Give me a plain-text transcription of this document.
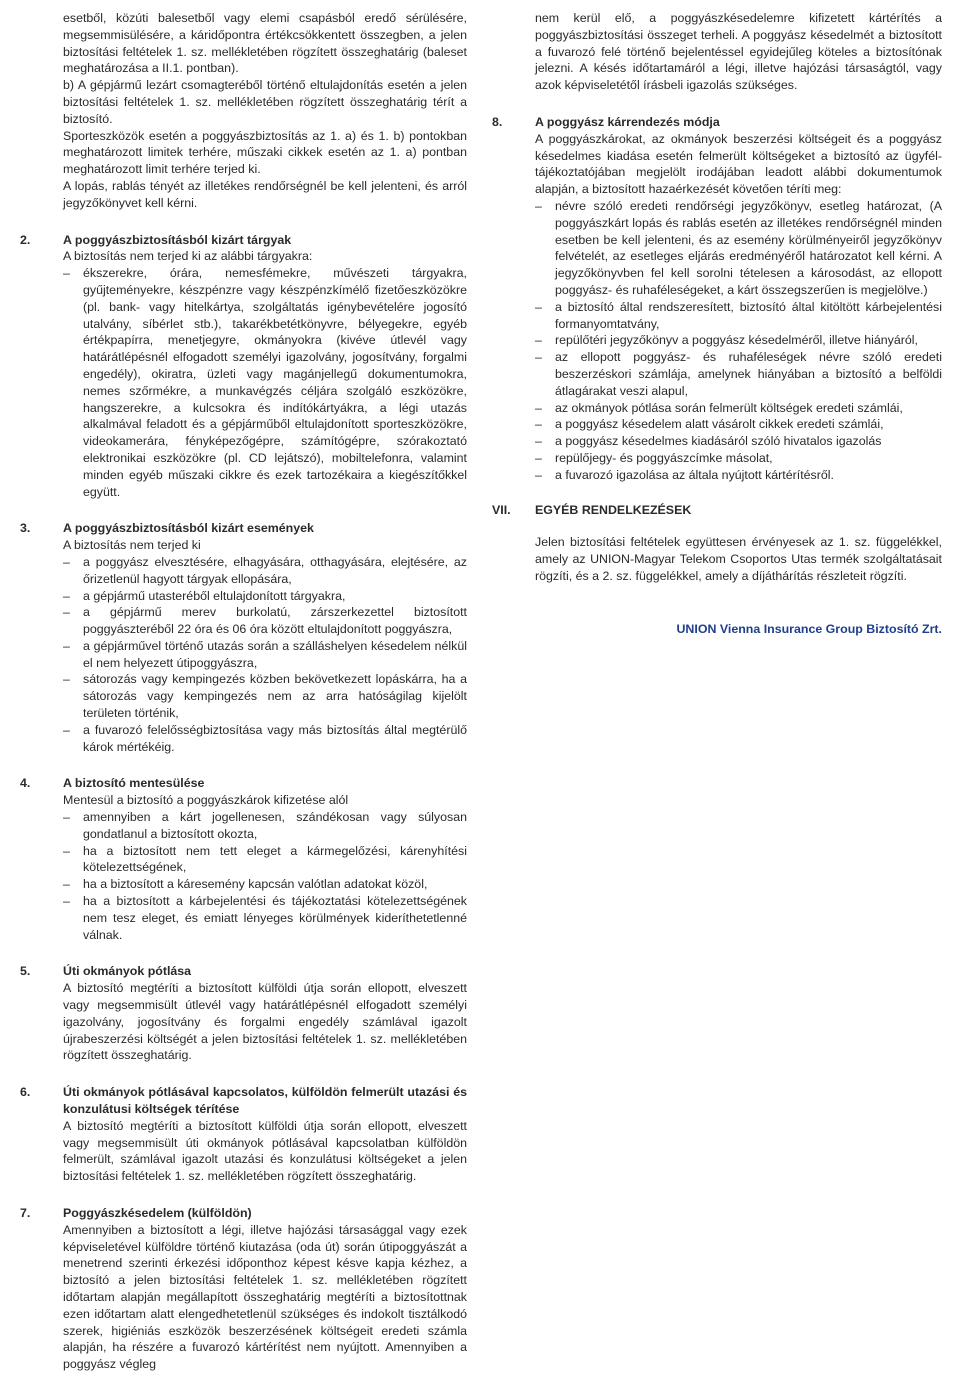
esetből, közúti balesetből vagy elemi csapásból eredő sérülésére, megsemmisülésére, a káridőpontra értékcsökkentett összegben, a jelen biztosítási feltételek 1. sz. mellékletében rögzített összeghatárig (baleset meghatározása a II.1. pontban).

b) A gépjármű lezárt csomagteréből történő eltulajdonítás esetén a jelen biztosítási feltételek 1. sz. mellékletében rögzített összeghatárig térít a biztosító.

Sporteszközök esetén a poggyászbiztosítás az 1. a) és 1. b) pontokban meghatározott limitek terhére, műszaki cikkek esetén az 1. a) pontban meghatározott limit terhére terjed ki.

A lopás, rablás tényét az illetékes rendőrségnél be kell jelenteni, és arról jegyzőkönyvet kell kérni.

2.	A poggyászbiztosításból kizárt tárgyak

A biztosítás nem terjed ki az alábbi tárgyakra:

– ékszerekre, órára, nemesfémekre, művészeti tárgyakra, gyűjteményekre, készpénzre vagy készpénzkímélő fizetőeszközökre (pl. bank- vagy hitelkártya, szolgáltatás igénybevételére jogosító utalvány, síbérlet stb.), takarékbetétkönyvre, bélyegekre, egyéb értékpapírra, menetjegyre, okmányokra (kivéve útlevél vagy határátlépésnél elfogadott személyi igazolvány, jogosítvány, forgalmi engedély), okiratra, üzleti vagy magánjellegű dokumentumokra, nemes szőrmékre, a munkavégzés céljára szolgáló eszközökre, hangszerekre, a kulcsokra és indítókártyákra, a légi utazás alkalmával feladott és a gépjárműből eltulajdonított sporteszközökre, videokamerára, fényképezőgépre, számítógépre, szórakoztató elektronikai eszközökre (pl. CD lejátszó), mobiltelefonra, valamint minden egyéb műszaki cikkre és ezek tartozékaira a kiegészítőkkel együtt.
3.	A poggyászbiztosításból kizárt események

A biztosítás nem terjed ki

– a poggyász elvesztésére, elhagyására, otthagyására, elejtésére, az őrizetlenül hagyott tárgyak ellopására,
– a gépjármű utasteréből eltulajdonított tárgyakra,
– a gépjármű merev burkolatú, zárszerkezettel biztosított poggyászteréből 22 óra és 06 óra között eltulajdonított poggyászra,
– a gépjárművel történő utazás során a szálláshelyen késedelem nélkül el nem helyezett útipoggyászra,
– sátorozás vagy kempingezés közben bekövetkezett lopáskárra, ha a sátorozás vagy kempingezés nem az arra hatóságilag kijelölt területen történik,
– a fuvarozó felelősségbiztosítása vagy más biztosítás által megtérülő károk mértékéig.
4.	A biztosító mentesülése

Mentesül a biztosító a poggyászkárok kifizetése alól

– amennyiben a kárt jogellenesen, szándékosan vagy súlyosan gondatlanul a biztosított okozta,
– ha a biztosított nem tett eleget a kármegelőzési, kárenyhítési kötelezettségének,
– ha a biztosított a káresemény kapcsán valótlan adatokat közöl,
– ha a biztosított a kárbejelentési és tájékoztatási kötelezettségének nem tesz eleget, és emiatt lényeges körülmények kideríthetetlenné válnak.
5.	Úti okmányok pótlása

A biztosító megtéríti a biztosított külföldi útja során ellopott, elveszett vagy megsemmisült útlevél vagy határátlépésnél elfogadott személyi igazolvány, jogosítvány és forgalmi engedély számlával igazolt újrabeszerzési költségét a jelen biztosítási feltételek 1. sz. mellékletében rögzített összeghatárig.

6.	Úti okmányok pótlásával kapcsolatos, külföldön felmerült utazási és konzulátusi költségek térítése

A biztosító megtéríti a biztosított külföldi útja során ellopott, elveszett vagy megsemmisült úti okmányok pótlásával kapcsolatban külföldön felmerült, számlával igazolt utazási és konzulátusi költségeket a jelen biztosítási feltételek 1. sz. mellékletében rögzített összeghatárig.

7.	Poggyászkésedelem (külföldön)

Amennyiben a biztosított a légi, illetve hajózási társasággal vagy ezek képviseletével külföldre történő kiutazása (oda út) során útipoggyászát a menetrend szerinti érkezési időponthoz képest késve kapja kézhez, a biztosító a jelen biztosítási feltételek 1. sz. mellékletében rögzített időtartam alapján megállapított összeghatárig megtéríti a biztosítottnak ezen időtartam alatt elengedhetetlenül szükséges és indokolt tisztálkodó szerek, higiéniás eszközök beszerzésének költségeit eredeti számla alapján, ha részére a fuvarozó kártérítést nem nyújtott. Amennyiben a poggyász végleg

nem kerül elő, a poggyászkésedelemre kifizetett kártérítés a poggyászbiztosítási összeget terheli. A poggyász késedelmét a biztosított a fuvarozó felé történő bejelentéssel egyidejűleg köteles a biztosítónak jelezni. A késés időtartamáról a légi, illetve hajózási társaságtól, vagy azok képviseletétől írásbeli igazolás szükséges.

8.	A poggyász kárrendezés módja

A poggyászkárokat, az okmányok beszerzési költségeit és a poggyász késedelmes kiadása esetén felmerült költségeket a biztosító az ügyfél-tájékoztatójában megjelölt irodájában leadott alábbi dokumentumok alapján, a biztosított hazaérkezését követően téríti meg:

– névre szóló eredeti rendőrségi jegyzőkönyv, esetleg határozat, (A poggyászkárt lopás és rablás esetén az illetékes rendőrségnél minden esetben be kell jelenteni, és az esemény körülményeiről jegyzőkönyv felvételét, az esetleges eljárás eredményéről határozatot kell kérni. A jegyzőkönyvben fel kell sorolni tételesen a károsodást, az ellopott poggyász- és ruhaféleségeket, a kárt összegszerűen is megjelölve.)
– a biztosító által rendszeresített, biztosító által kitöltött kárbejelentési formanyomtatvány,
– repülőtéri jegyzőkönyv a poggyász késedelméről, illetve hiányáról,
– az ellopott poggyász- és ruhaféleségek névre szóló eredeti beszerzéskori számlája, amelynek hiányában a biztosító a belföldi átlagárakat veszi alapul,
– az okmányok pótlása során felmerült költségek eredeti számlái,
– a poggyász késedelem alatt vásárolt cikkek eredeti számlái,
– a poggyász késedelmes kiadásáról szóló hivatalos igazolás
– repülőjegy- és poggyászcímke másolat,
– a fuvarozó igazolása az általa nyújtott kártérítésről.
VII.	EGYÉB RENDELKEZÉSEK

Jelen biztosítási feltételek együttesen érvényesek az 1. sz. függelékkel, amely az UNION-Magyar Telekom Csoportos Utas termék szolgáltatásait rögzíti, és a 2. sz. függelékkel, amely a díjáthárítás részleteit rögzíti.

UNION Vienna Insurance Group Biztosító Zrt.
